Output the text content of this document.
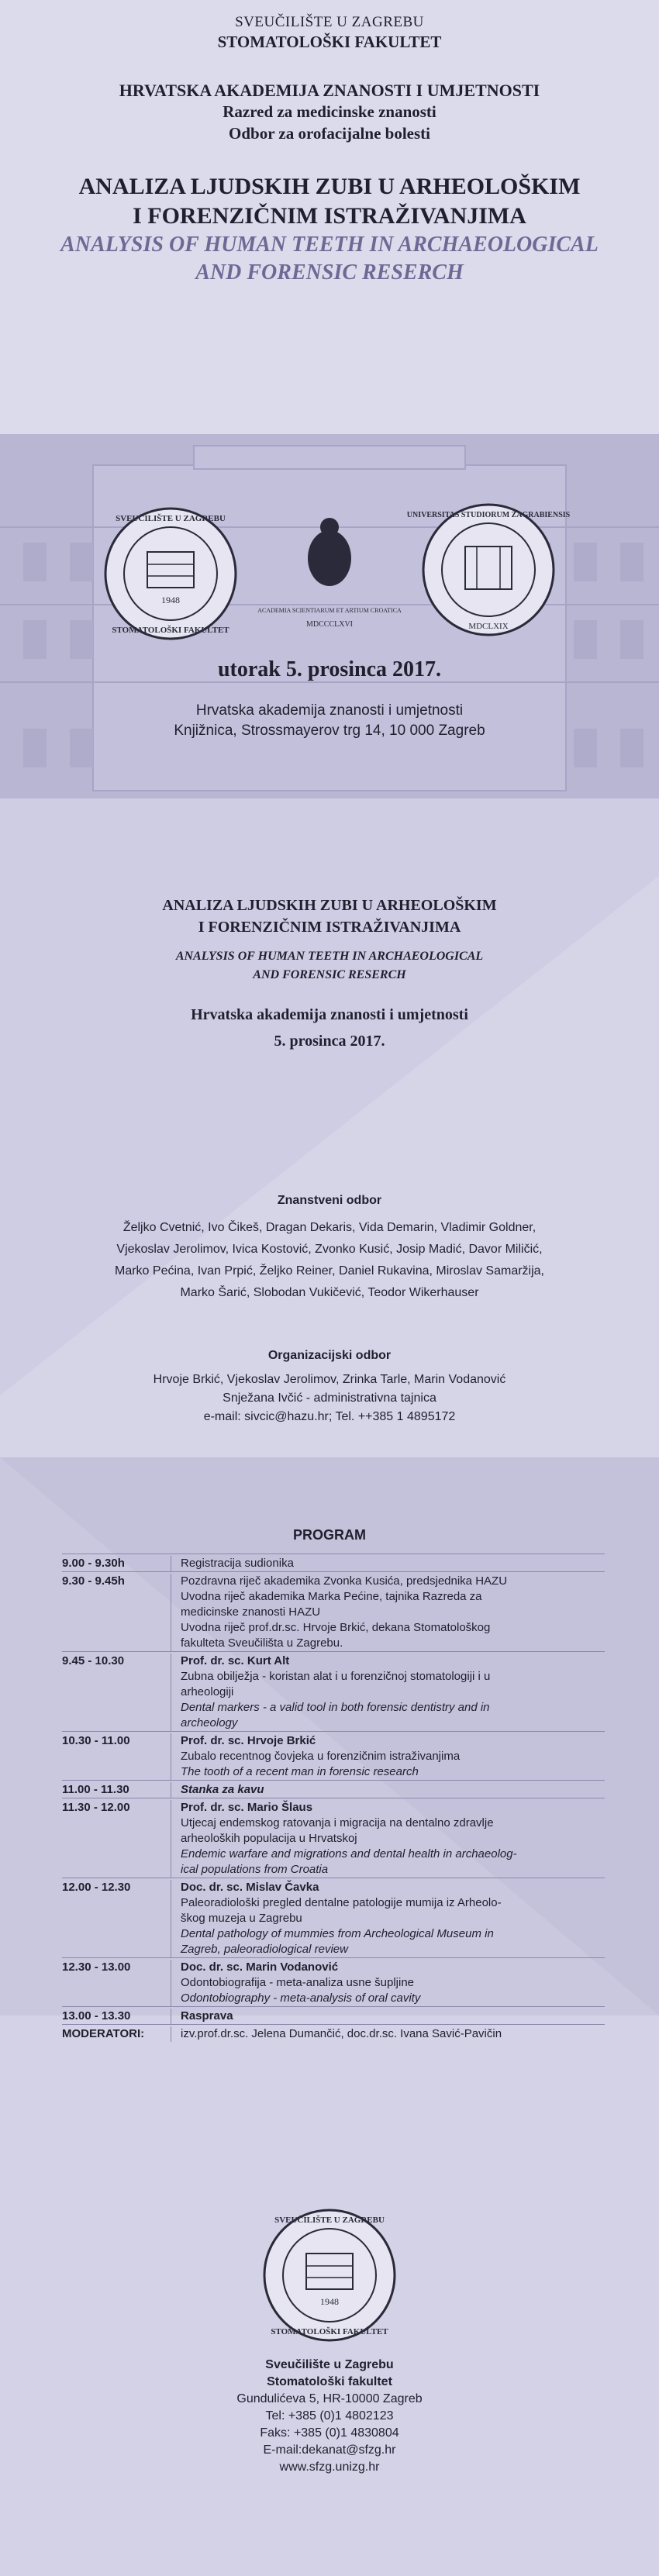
SVEUČILIŠTE U ZAGREBU
STOMATOLOŠKI FAKULTET
HRVATSKA AKADEMIJA ZNANOSTI I UMJETNOSTI
Razred za medicinske znanosti
Odbor za orofacijalne bolesti
ANALIZA LJUDSKIH ZUBI U ARHEOLOŠKIM
I FORENZIČNIM ISTRAŽIVANJIMA
ANALYSIS OF HUMAN TEETH IN ARCHAEOLOGICAL
AND FORENSIC RESERCH
1948
SVEUČILIŠTE U ZAGREBU
STOMATOLOŠKI FAKULTET
ACADEMIA SCIENTIARUM ET ARTIUM CROATICA
MDCCCLXVI
UNIVERSITAS STUDIORUM ZAGRABIENSIS
MDCLXIX
utorak 5. prosinca 2017.
Hrvatska akademija znanosti i umjetnosti
Knjižnica, Strossmayerov trg 14, 10 000 Zagreb
ANALIZA LJUDSKIH ZUBI U ARHEOLOŠKIM
I FORENZIČNIM ISTRAŽIVANJIMA
ANALYSIS OF HUMAN TEETH IN ARCHAEOLOGICAL
AND FORENSIC RESERCH
Hrvatska akademija znanosti i umjetnosti
5. prosinca 2017.
Znanstveni odbor
Željko Cvetnić, Ivo Čikeš, Dragan Dekaris, Vida Demarin, Vladimir Goldner,
Vjekoslav Jerolimov, Ivica Kostović, Zvonko Kusić, Josip Madić, Davor Miličić,
Marko Pećina, Ivan Prpić, Željko Reiner, Daniel Rukavina, Miroslav Samaržija,
Marko Šarić, Slobodan Vukičević, Teodor Wikerhauser
Organizacijski odbor
Hrvoje Brkić, Vjekoslav Jerolimov, Zrinka Tarle, Marin Vodanović
Snježana Ivčić - administrativna tajnica
e-mail: sivcic@hazu.hr; Tel. ++385 1 4895172
PROGRAM
9.00 - 9.30h	Registracija sudionika
9.30 - 9.45h	Pozdravna riječ akademika Zvonka Kusića, predsjednika HAZU
Uvodna riječ akademika Marka Pećine, tajnika Razreda za
medicinske znanosti HAZU
Uvodna riječ prof.dr.sc. Hrvoje Brkić, dekana Stomatološkog
fakulteta Sveučilišta u Zagrebu.
9.45 - 10.30	Prof. dr. sc. Kurt Alt
Zubna obilježja - koristan alat i u forenzičnoj stomatologiji i u
arheologiji
Dental markers - a valid tool in both forensic dentistry and in
archeology
10.30 - 11.00	Prof. dr. sc. Hrvoje Brkić
Zubalo recentnog čovjeka u forenzičnim istraživanjima
The tooth of a recent man in forensic research
11.00 - 11.30	Stanka za kavu
11.30 - 12.00	Prof. dr. sc. Mario Šlaus
Utjecaj endemskog ratovanja i migracija na dentalno zdravlje
arheoloških populacija u Hrvatskoj
Endemic warfare and migrations and dental health in archaeolog-
ical populations from Croatia
12.00 - 12.30	Doc. dr. sc. Mislav Čavka
Paleoradiološki pregled dentalne patologije mumija iz Arheolo-
škog muzeja u Zagrebu
Dental pathology of mummies from Archeological Museum in
Zagreb, paleoradiological review
12.30 - 13.00	Doc. dr. sc. Marin Vodanović
Odontobiografija - meta-analiza usne šupljine
Odontobiography - meta-analysis of oral cavity
13.00 - 13.30	Rasprava
MODERATORI:	izv.prof.dr.sc. Jelena Dumančić, doc.dr.sc. Ivana Savić-Pavičin
1948
SVEUČILIŠTE U ZAGREBU
STOMATOLOŠKI FAKULTET
Sveučilište u Zagrebu
Stomatološki fakultet
Gundulićeva 5, HR-10000 Zagreb
Tel: +385 (0)1 4802123
Faks: +385 (0)1 4830804
E-mail:dekanat@sfzg.hr
www.sfzg.unizg.hr
